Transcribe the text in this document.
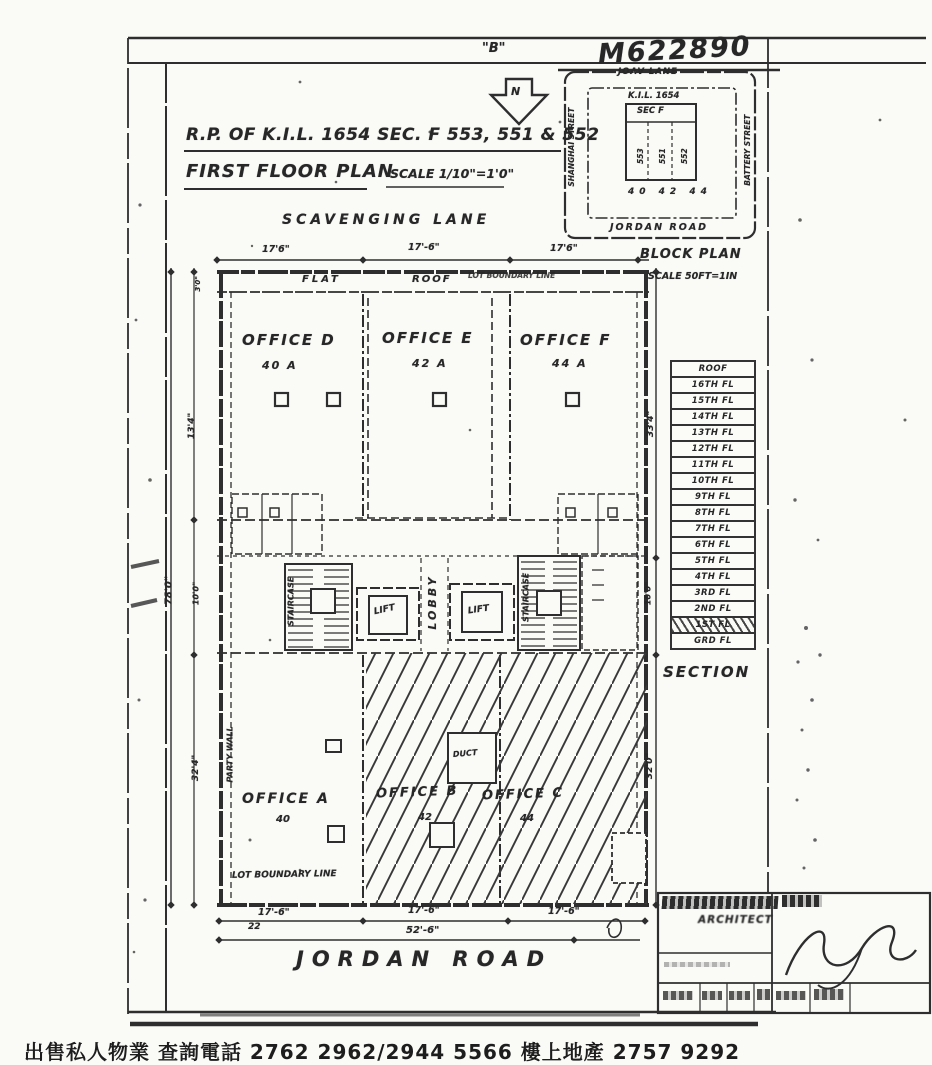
"B"	M622890
N
R.P. OF K.I.L. 1654 SEC. F 553, 551 & 552
FIRST FLOOR PLAN
SCALE 1/10"=1'0"
JOAV LANE
SHANGHAI STREET	BATTERY STREET
K.I.L. 1654
SEC F
553 551 552
40 42 44
JORDAN ROAD
BLOCK PLAN
SCALE 50FT=1IN
SCAVENGING LANE
JORDAN ROAD
17'6"	17'-6"	17'6"
FLAT	ROOF LOT BOUNDARY LINE
OFFICE D
40 A
OFFICE E
42 A
OFFICE F
44 A
3'0"
13'4"
78'0" 10'0"
32'4"
33'4"
10'0"
32'0"
STAIRCASE	STAIRCASE
LIFT	LIFT
LOBBY
DUCT
PARTY WALL
OFFICE A
40
OFFICE B
42
OFFICE C
44
LOT BOUNDARY LINE
17'-6"	17'-6"	17'-6"
22	52'-6"
ROOF
16TH FL
15TH FL
14TH FL
13TH FL
12TH FL
11TH FL
10TH FL
9TH FL
8TH FL
7TH FL
6TH FL
5TH FL
4TH FL
3RD FL
2ND FL
1ST FL
GRD FL
SECTION
ARCHITECT
出售私人物業 查詢電話 2762 2962/2944 5566 樓上地產 2757 9292
